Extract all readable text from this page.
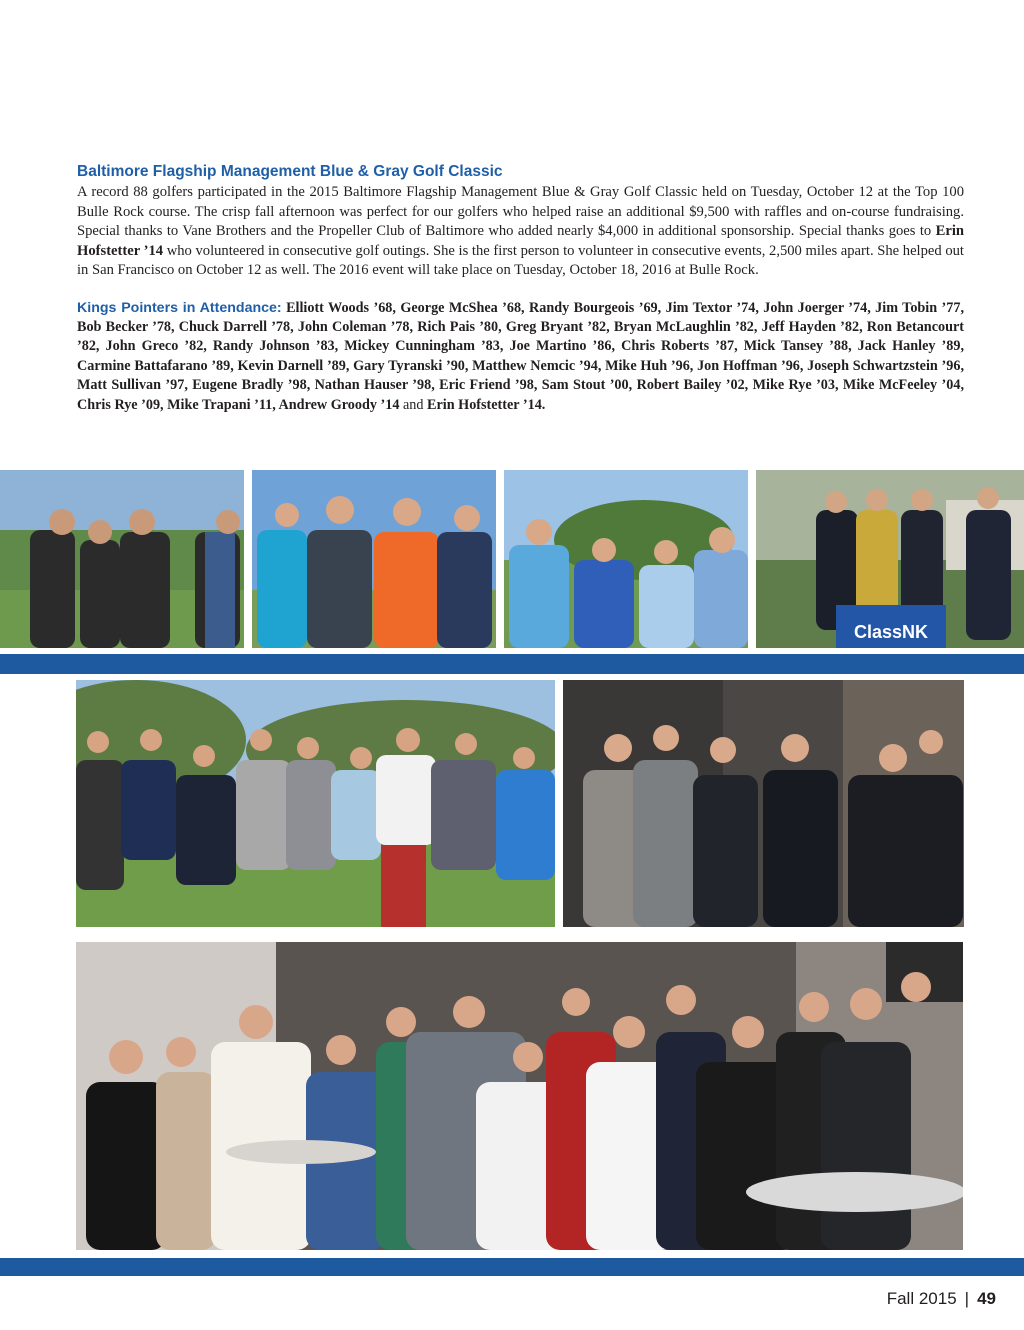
Baltimore Flagship Management Blue & Gray Golf Classic

A record 88 golfers participated in the 2015 Baltimore Flagship Management Blue & Gray Golf Classic held on Tuesday, October 12 at the Top 100 Bulle Rock course. The crisp fall afternoon was perfect for our golfers who helped raise an additional $9,500 with raffles and on-course fundraising. Special thanks to Vane Brothers and the Propeller Club of Baltimore who added nearly $4,000 in additional sponsorship. Special thanks goes to Erin Hofstetter ’14 who volunteered in consecutive golf outings. She is the first person to volunteer in consecutive events, 2,500 miles apart. She helped out in San Francisco on October 12 as well. The 2016 event will take place on Tuesday, October 18, 2016 at Bulle Rock.

Kings Pointers in Attendance: Elliott Woods ’68, George McShea ’68, Randy Bourgeois ’69, Jim Textor ’74, John Joerger ’74, Jim Tobin ’77, Bob Becker ’78, Chuck Darrell ’78, John Coleman ’78, Rich Pais ’80, Greg Bryant ’82, Bryan McLaughlin ’82, Jeff Hayden ’82, Ron Betancourt ’82, John Greco ’82, Randy Johnson ’83, Mickey Cunningham ’83, Joe Martino ’86, Chris Roberts ’87, Mick Tansey ’88, Jack Hanley ’89, Carmine Battafarano ’89, Kevin Darnell ’89, Gary Tyranski ’90, Matthew Nemcic ’94, Mike Huh ’96, Jon Hoffman ’96, Joseph Schwartzstein ’96, Matt Sullivan ’97, Eugene Bradly ’98, Nathan Hauser ’98, Eric Friend ’98, Sam Stout ’00, Robert Bailey ’02, Mike Rye ’03, Mike McFeeley ’04, Chris Rye ’09, Mike Trapani ’11, Andrew Groody ’14 and Erin Hofstetter ’14.

ClassNK
Fall 2015 | 49
